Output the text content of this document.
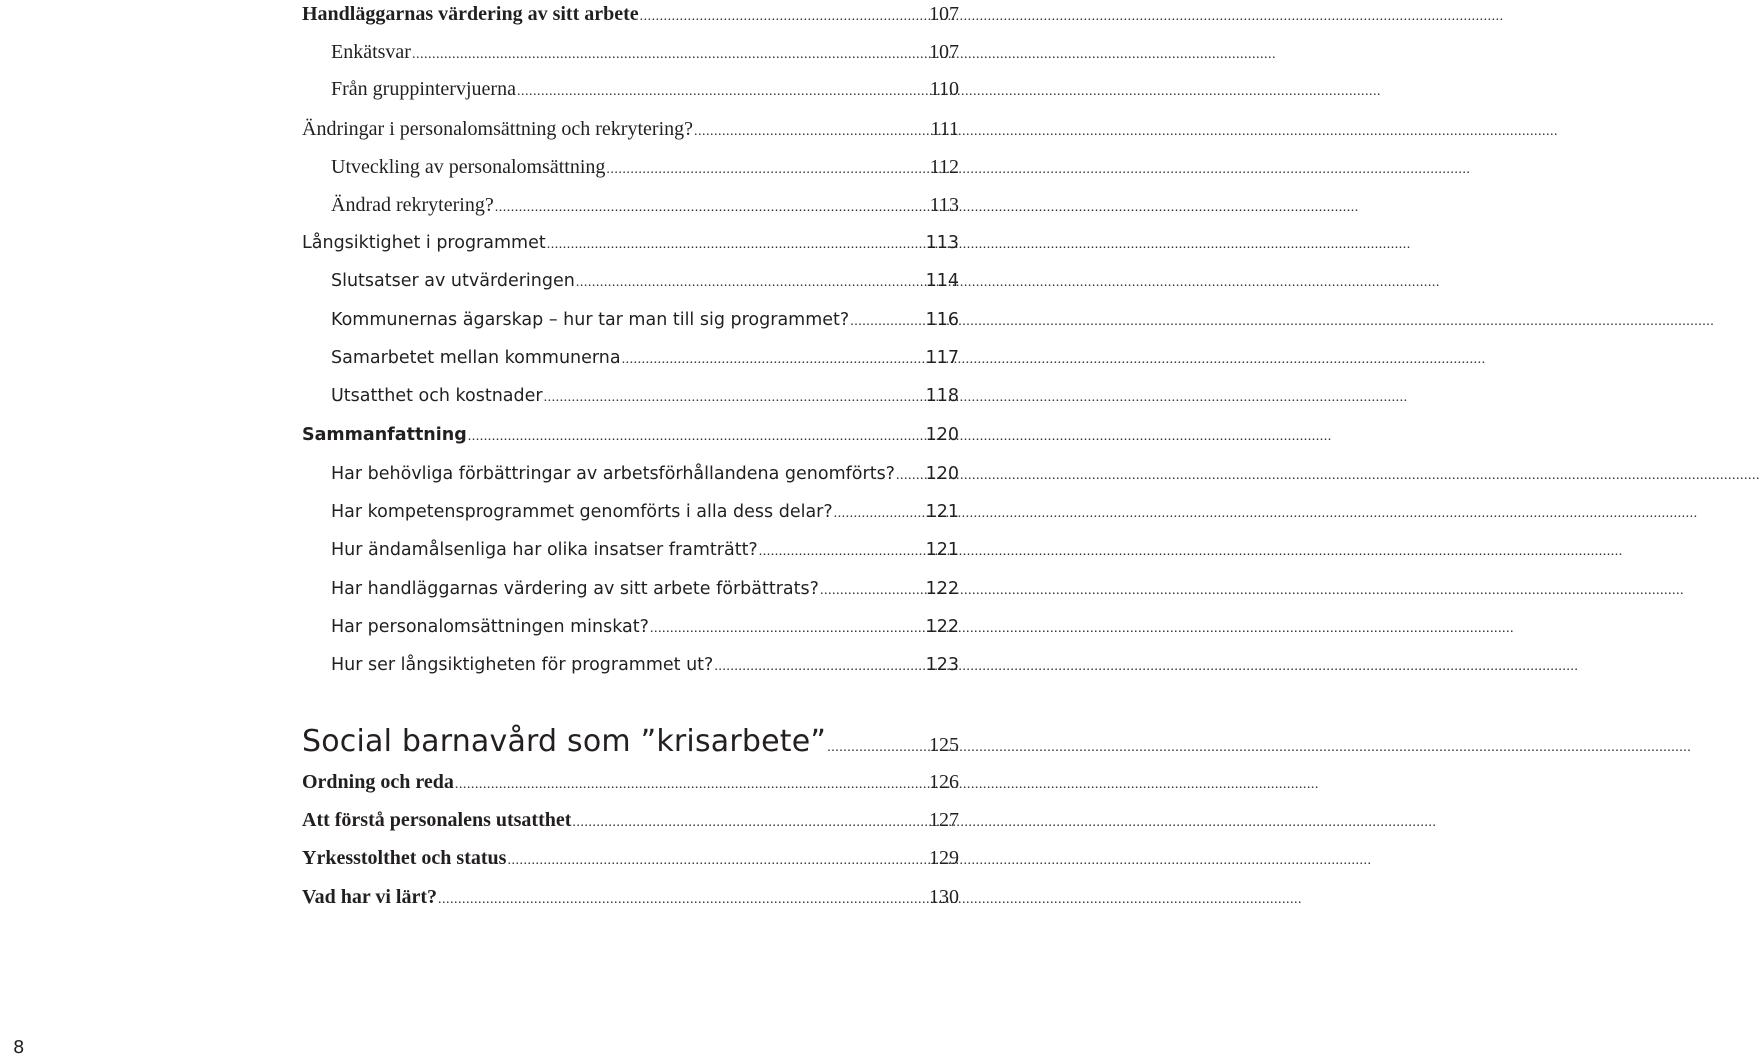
Handläggarnas värdering av sitt arbete .....	107
Enkätsvar .....	107
Från gruppintervjuerna .....	110
Ändringar i personalomsättning och rekrytering? .....	111
Utveckling av personalomsättning .....	112
Ändrad rekrytering? .....	113
Långsiktighet i programmet .....	113
Slutsatser av utvärderingen .....	114
Kommunernas ägarskap – hur tar man till sig programmet? .....	116
Samarbetet mellan kommunerna .....	117
Utsatthet och kostnader .....	118
Sammanfattning .....	120
Har behövliga förbättringar av arbetsförhållandena genomförts? ..... 120
Har kompetensprogrammet genomförts i alla dess delar? .....	121
Hur ändamålsenliga har olika insatser framträtt? .....	121
Har handläggarnas värdering av sitt arbete förbättrats? .....	122
Har personalomsättningen minskat? .....	122
Hur ser långsiktigheten för programmet ut? .....	123
Social barnavård som ”krisarbete” .....	125
Ordning och reda .....	126
Att förstå personalens utsatthet .....	127
Yrkesstolthet och status .....	129
Vad har vi lärt? .....	130
8
